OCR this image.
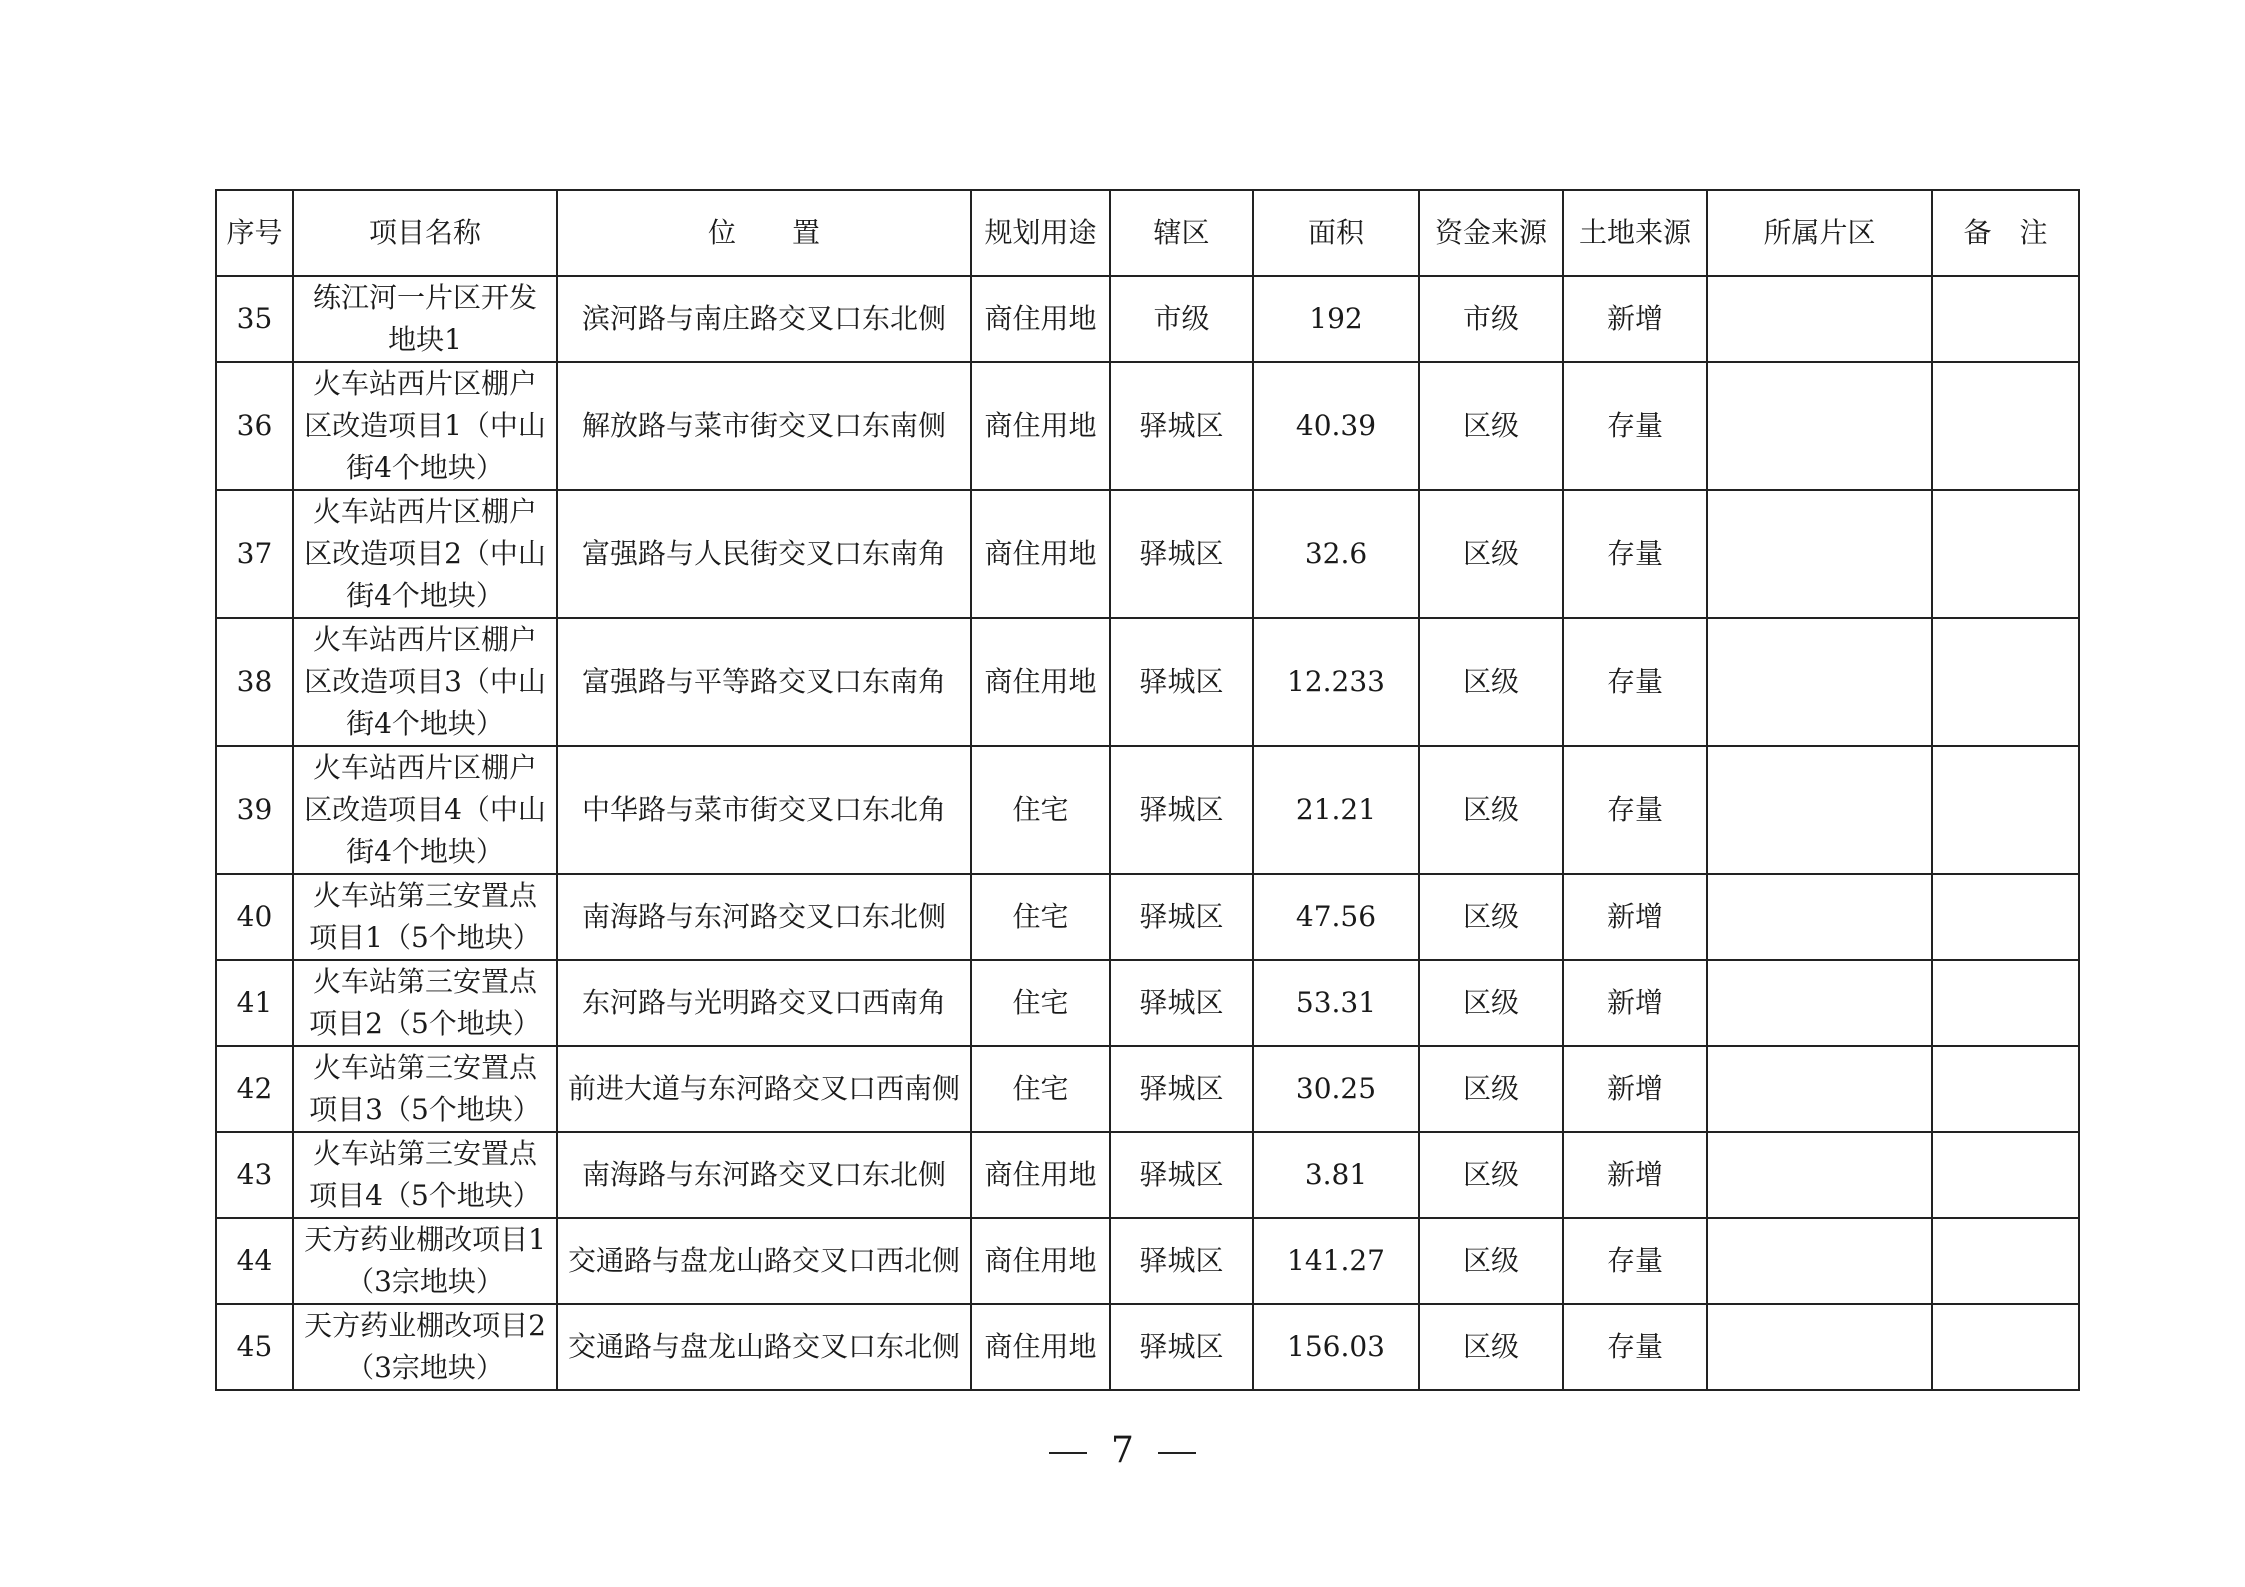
序号	项目名称	位　　置	规划用途	辖区	面积	资金来源	土地来源	所属片区	备　注
35	练江河一片区开发地块1	滨河路与南庄路交叉口东北侧	商住用地	市级	192	市级	新增		
36	火车站西片区棚户区改造项目1（中山街4个地块）	解放路与菜市街交叉口东南侧	商住用地	驿城区	40.39	区级	存量		
37	火车站西片区棚户区改造项目2（中山街4个地块）	富强路与人民街交叉口东南角	商住用地	驿城区	32.6	区级	存量		
38	火车站西片区棚户区改造项目3（中山街4个地块）	富强路与平等路交叉口东南角	商住用地	驿城区	12.233	区级	存量		
39	火车站西片区棚户区改造项目4（中山街4个地块）	中华路与菜市街交叉口东北角	住宅	驿城区	21.21	区级	存量		
40	火车站第三安置点项目1（5个地块）	南海路与东河路交叉口东北侧	住宅	驿城区	47.56	区级	新增		
41	火车站第三安置点项目2（5个地块）	东河路与光明路交叉口西南角	住宅	驿城区	53.31	区级	新增		
42	火车站第三安置点项目3（5个地块）	前进大道与东河路交叉口西南侧	住宅	驿城区	30.25	区级	新增		
43	火车站第三安置点项目4（5个地块）	南海路与东河路交叉口东北侧	商住用地	驿城区	3.81	区级	新增		
44	天方药业棚改项目1（3宗地块）	交通路与盘龙山路交叉口西北侧	商住用地	驿城区	141.27	区级	存量		
45	天方药业棚改项目2（3宗地块）	交通路与盘龙山路交叉口东北侧	商住用地	驿城区	156.03	区级	存量		
7
